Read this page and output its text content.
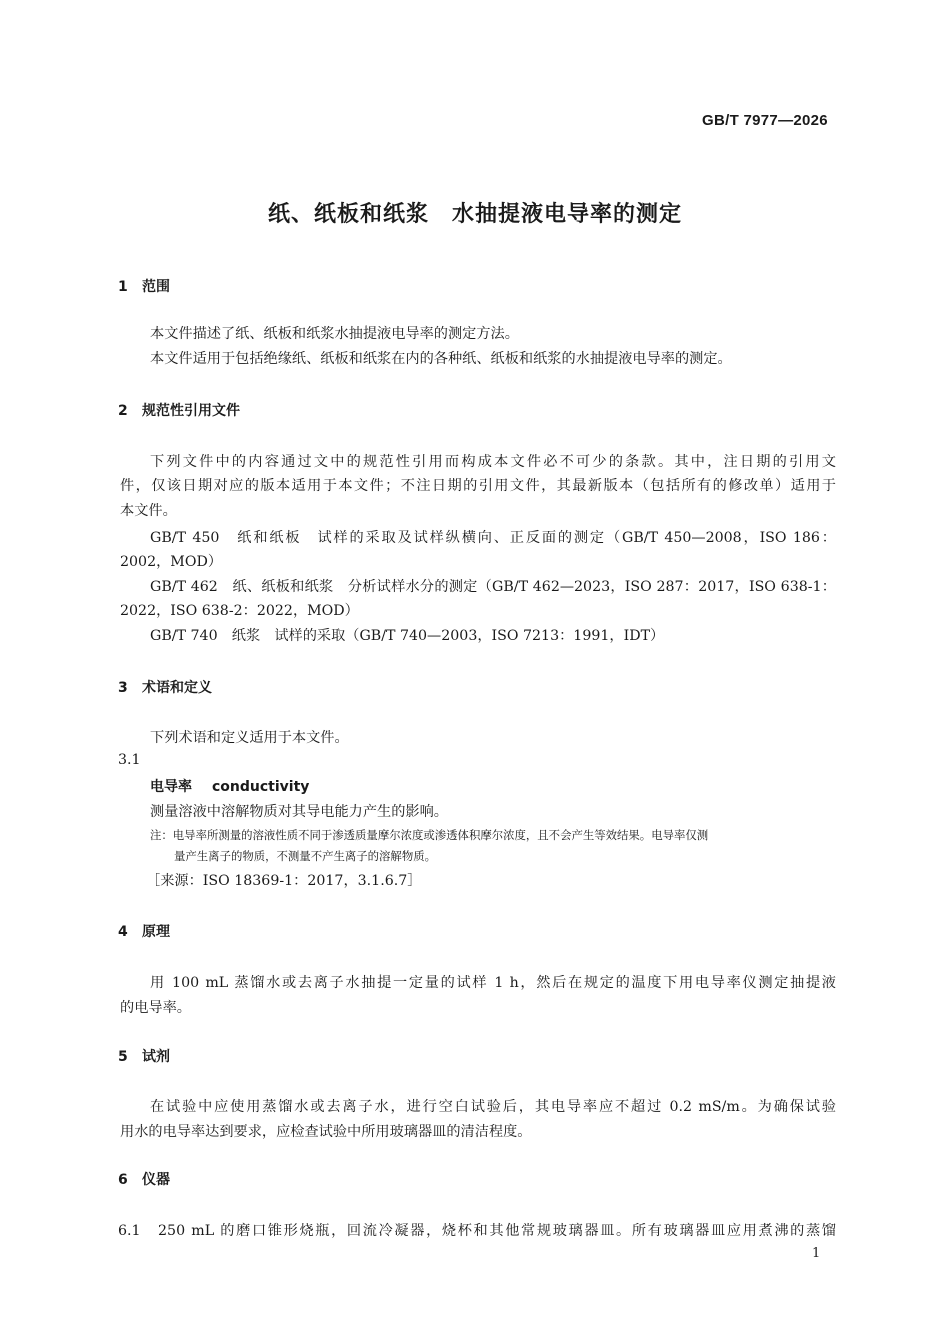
GB/T 7977—2026
纸、纸板和纸浆　水抽提液电导率的测定
1 范围
本文件描述了纸、纸板和纸浆水抽提液电导率的测定方法。
本文件适用于包括绝缘纸、纸板和纸浆在内的各种纸、纸板和纸浆的水抽提液电导率的测定。
2 规范性引用文件
下列文件中的内容通过文中的规范性引用而构成本文件必不可少的条款。其中，注日期的引用文
件，仅该日期对应的版本适用于本文件；不注日期的引用文件，其最新版本（包括所有的修改单）适用于
本文件。
GB/T 450　纸和纸板　试样的采取及试样纵横向、正反面的测定（GB/T 450—2008，ISO 186：
2002，MOD）
GB/T 462　纸、纸板和纸浆　分析试样水分的测定（GB/T 462—2023，ISO 287：2017，ISO 638-1：
2022，ISO 638-2：2022，MOD）
GB/T 740　纸浆　试样的采取（GB/T 740—2003，ISO 7213：1991，IDT）
3 术语和定义
下列术语和定义适用于本文件。
3.1
电导率 conductivity
测量溶液中溶解物质对其导电能力产生的影响。
注：电导率所测量的溶液性质不同于渗透质量摩尔浓度或渗透体积摩尔浓度，且不会产生等效结果。电导率仅测
量产生离子的物质，不测量不产生离子的溶解物质。
［来源：ISO 18369-1：2017，3.1.6.7］
4 原理
用 100 mL 蒸馏水或去离子水抽提一定量的试样 1 h，然后在规定的温度下用电导率仪测定抽提液
的电导率。
5 试剂
在试验中应使用蒸馏水或去离子水，进行空白试验后，其电导率应不超过 0.2 mS/m。为确保试验
用水的电导率达到要求，应检查试验中所用玻璃器皿的清洁程度。
6 仪器
6.1　250 mL 的磨口锥形烧瓶，回流冷凝器，烧杯和其他常规玻璃器皿。所有玻璃器皿应用煮沸的蒸馏
1
